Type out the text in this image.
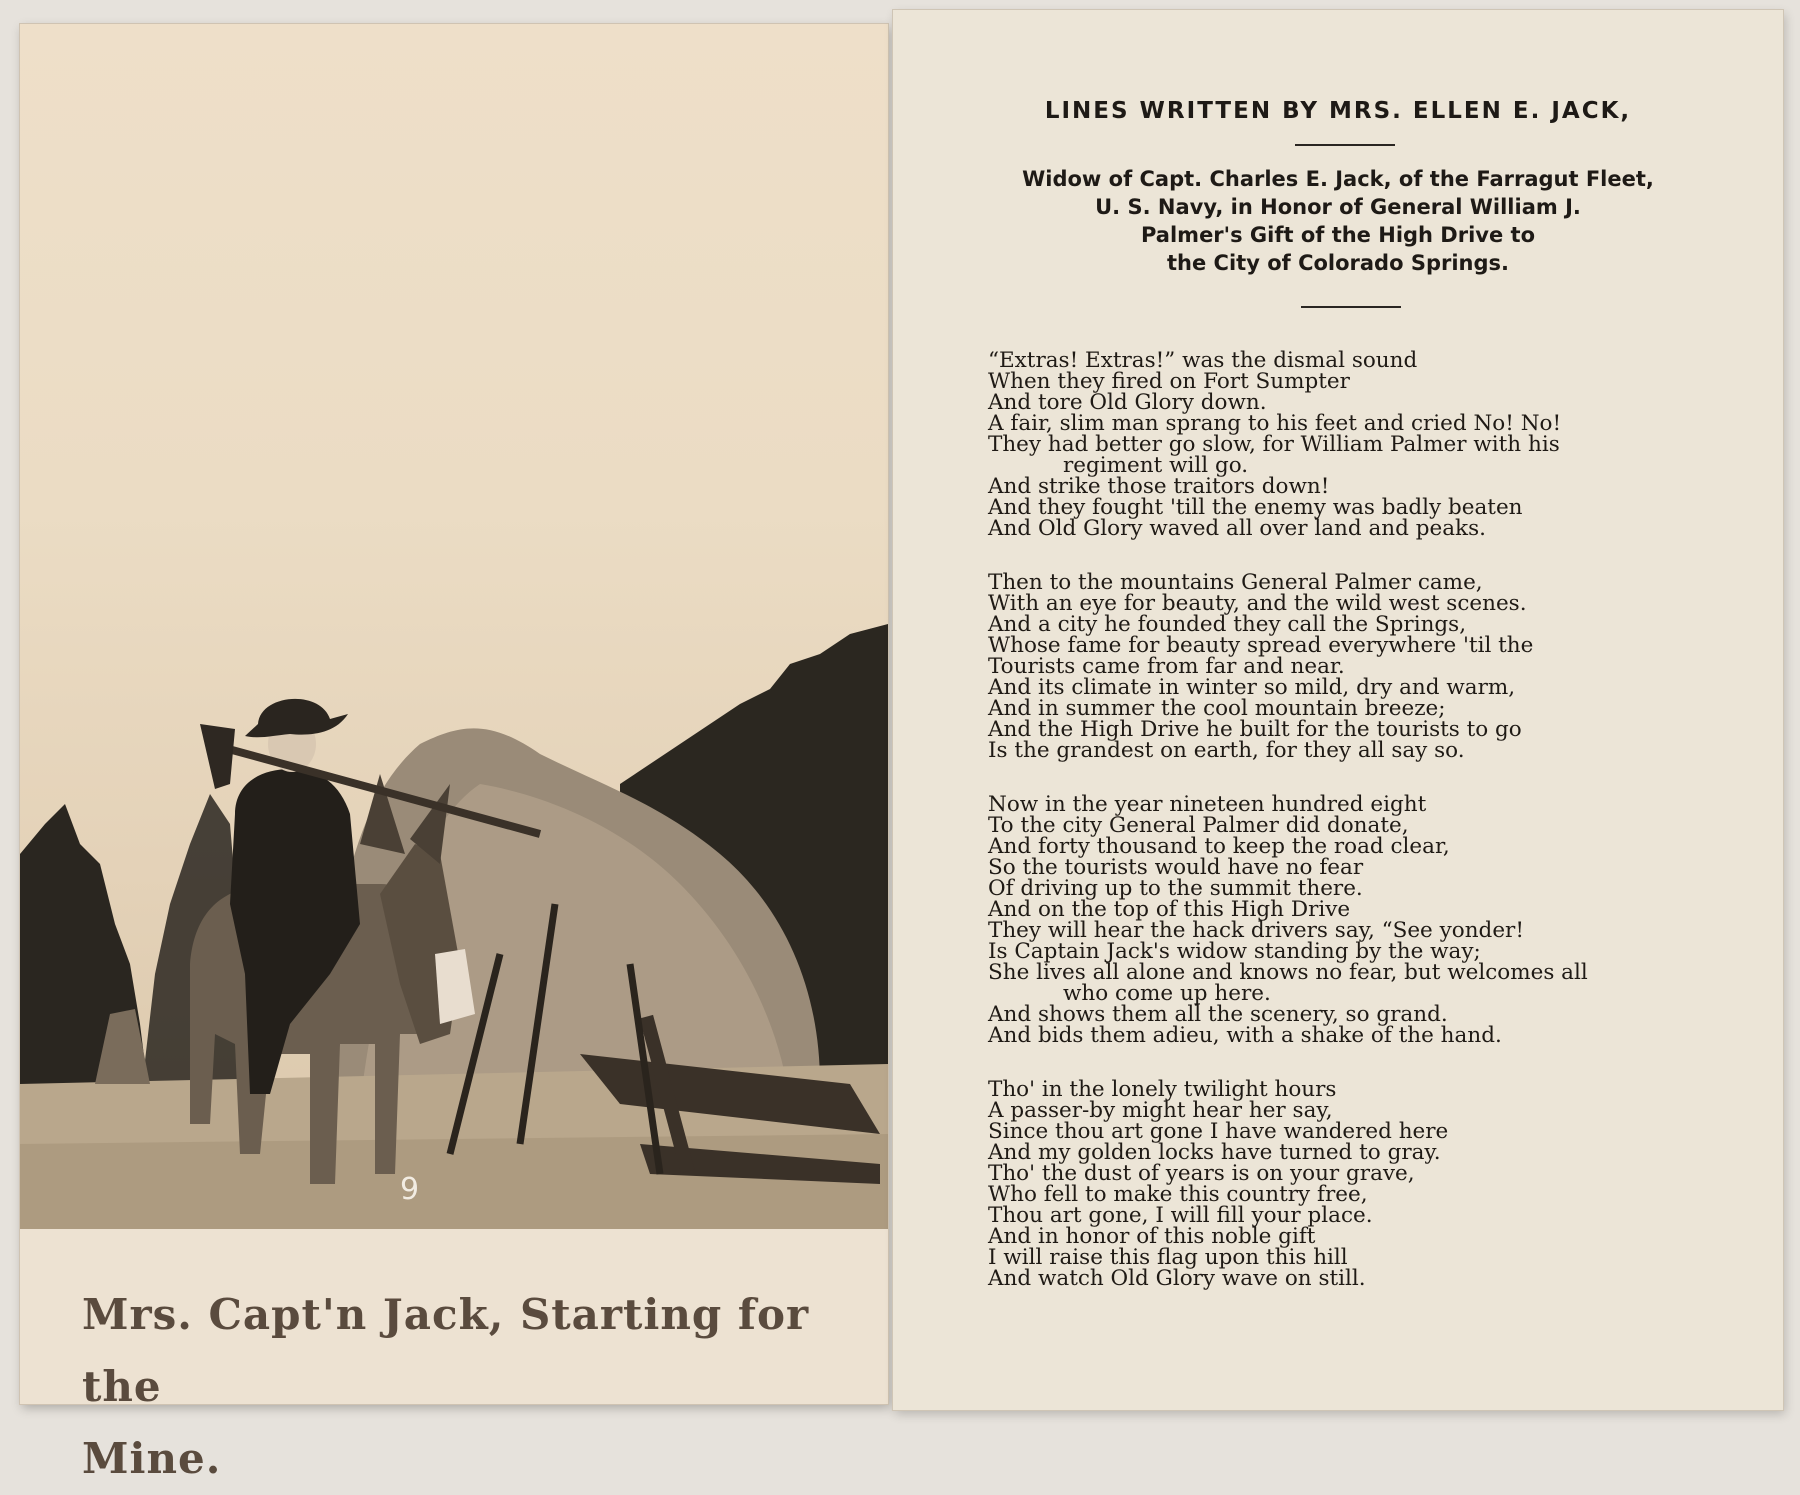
9
Mrs. Capt'n Jack, Starting for the
Mine.
LINES WRITTEN BY MRS. ELLEN E. JACK,
Widow of Capt. Charles E. Jack, of the Farragut Fleet,
U. S. Navy, in Honor of General William J.
Palmer's Gift of the High Drive to
the City of Colorado Springs.
“Extras! Extras!” was the dismal sound
When they fired on Fort Sumpter
And tore Old Glory down.
A fair, slim man sprang to his feet and cried No! No!
They had better go slow, for William Palmer with his
regiment will go.
And strike those traitors down!
And they fought 'till the enemy was badly beaten
And Old Glory waved all over land and peaks.
Then to the mountains General Palmer came,
With an eye for beauty, and the wild west scenes.
And a city he founded they call the Springs,
Whose fame for beauty spread everywhere 'til the
Tourists came from far and near.
And its climate in winter so mild, dry and warm,
And in summer the cool mountain breeze;
And the High Drive he built for the tourists to go
Is the grandest on earth, for they all say so.
Now in the year nineteen hundred eight
To the city General Palmer did donate,
And forty thousand to keep the road clear,
So the tourists would have no fear
Of driving up to the summit there.
And on the top of this High Drive
They will hear the hack drivers say, “See yonder!
Is Captain Jack's widow standing by the way;
She lives all alone and knows no fear, but welcomes all
who come up here.
And shows them all the scenery, so grand.
And bids them adieu, with a shake of the hand.
Tho' in the lonely twilight hours
A passer-by might hear her say,
Since thou art gone I have wandered here
And my golden locks have turned to gray.
Tho' the dust of years is on your grave,
Who fell to make this country free,
Thou art gone, I will fill your place.
And in honor of this noble gift
I will raise this flag upon this hill
And watch Old Glory wave on still.
